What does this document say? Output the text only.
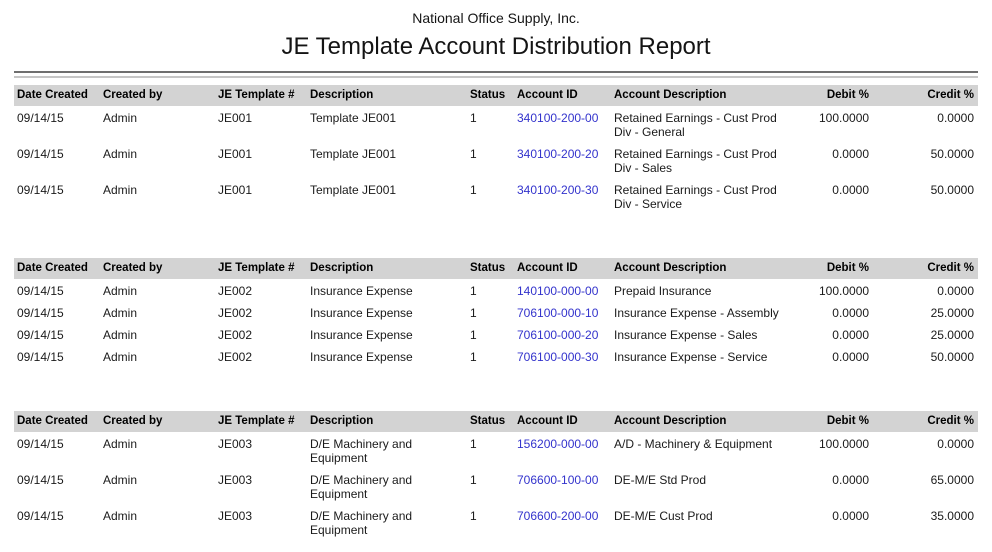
National Office Supply, Inc.
JE Template Account Distribution Report
Date Created	Created by	JE Template #	Description	Status	Account ID	Account Description	Debit %	Credit %
09/14/15	Admin	JE001	Template JE001	1	340100-200-00	Retained Earnings - Cust Prod Div - General	100.0000	0.0000
09/14/15	Admin	JE001	Template JE001	1	340100-200-20	Retained Earnings - Cust Prod Div - Sales	0.0000	50.0000
09/14/15	Admin	JE001	Template JE001	1	340100-200-30	Retained Earnings - Cust Prod Div - Service	0.0000	50.0000
Date Created	Created by	JE Template #	Description	Status	Account ID	Account Description	Debit %	Credit %
09/14/15	Admin	JE002	Insurance Expense	1	140100-000-00	Prepaid Insurance	100.0000	0.0000
09/14/15	Admin	JE002	Insurance Expense	1	706100-000-10	Insurance Expense - Assembly	0.0000	25.0000
09/14/15	Admin	JE002	Insurance Expense	1	706100-000-20	Insurance Expense - Sales	0.0000	25.0000
09/14/15	Admin	JE002	Insurance Expense	1	706100-000-30	Insurance Expense - Service	0.0000	50.0000
Date Created	Created by	JE Template #	Description	Status	Account ID	Account Description	Debit %	Credit %
09/14/15	Admin	JE003	D/E Machinery and Equipment	1	156200-000-00	A/D - Machinery & Equipment	100.0000	0.0000
09/14/15	Admin	JE003	D/E Machinery and Equipment	1	706600-100-00	DE-M/E Std Prod	0.0000	65.0000
09/14/15	Admin	JE003	D/E Machinery and Equipment	1	706600-200-00	DE-M/E Cust Prod	0.0000	35.0000
